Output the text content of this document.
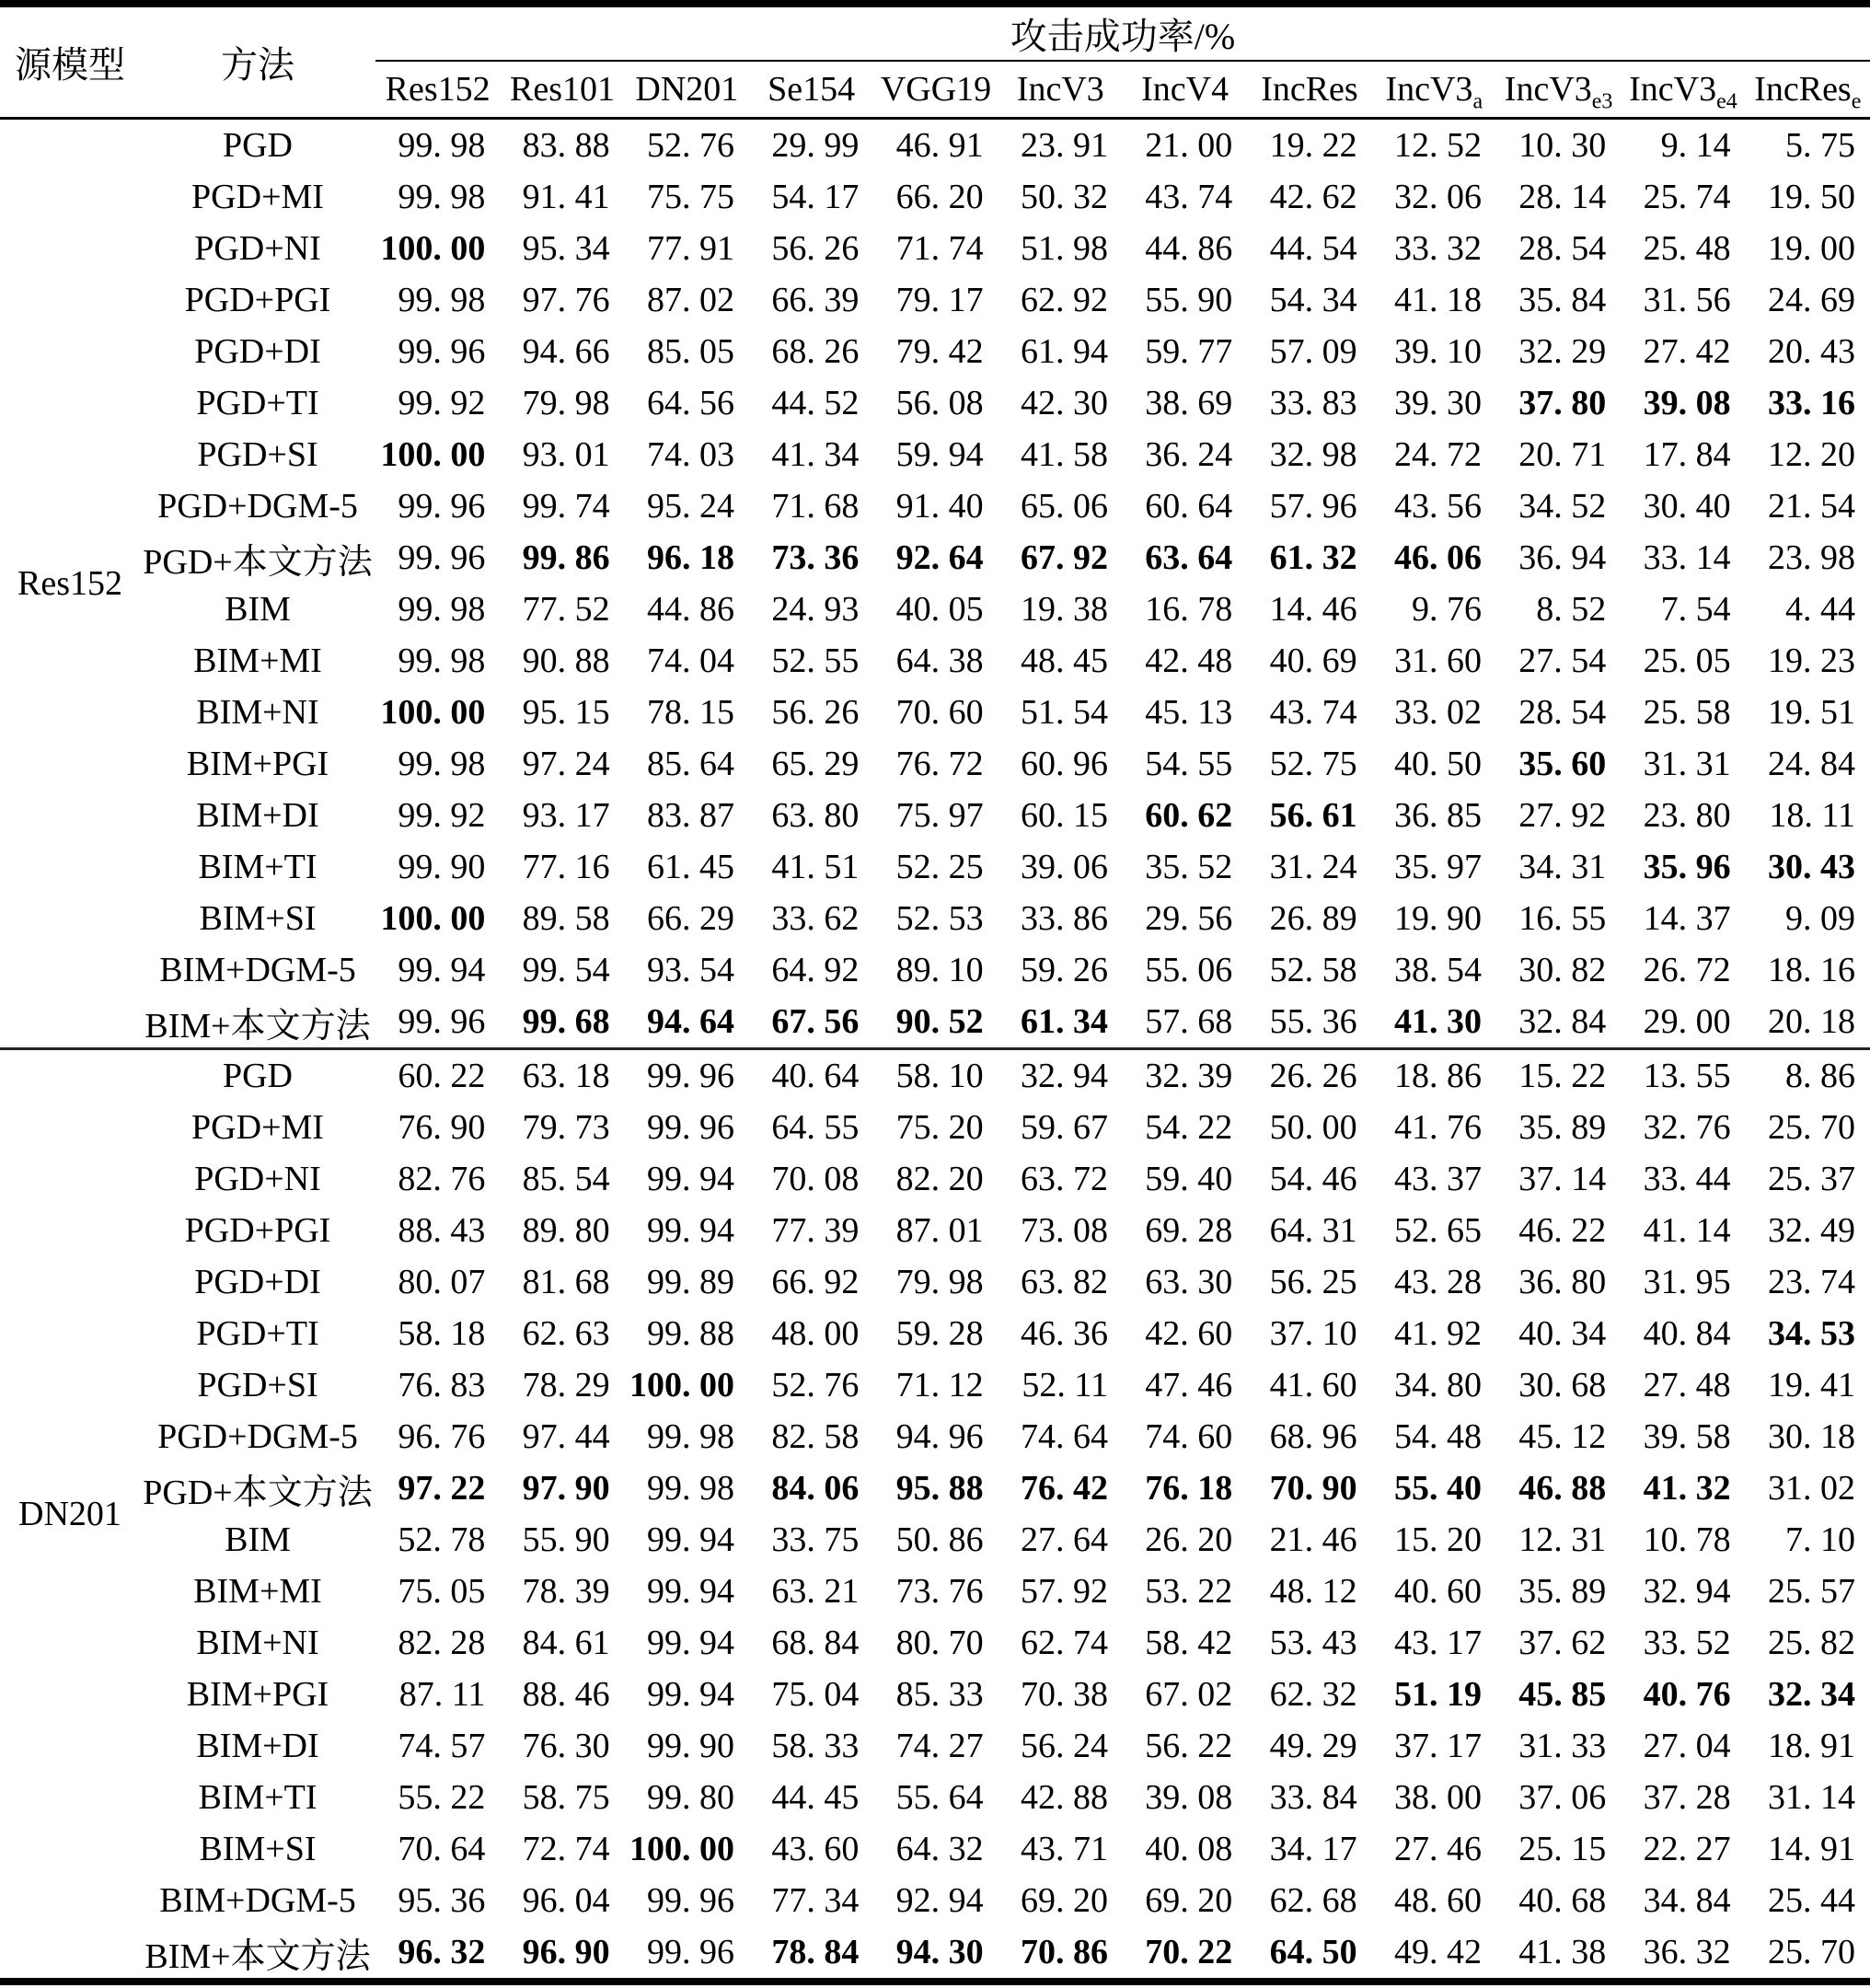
源模型	方法	攻击成功率/%											
		Res152	Res101	DN201	Se154	VGG19	IncV3	IncV4	IncRes	$IncV3_a$	$IncV3_{e3}$	$IncV3_{e4}$	IncRes$_e$
Res152	PGD	99. 98	83. 88	52. 76	29. 99	46. 91	23. 91	21. 00	19. 22	12. 52	10. 30	9. 14	5. 75
	PGD+MI	99. 98	91. 41	75. 75	54. 17	66. 20	50. 32	43. 74	42. 62	32. 06	28. 14	25. 74	19. 50
	PGD+NI	100. 00	95. 34	77. 91	56. 26	71. 74	51. 98	44. 86	44. 54	33. 32	28. 54	25. 48	19. 00
	PGD+PGI	99. 98	97. 76	87. 02	66. 39	79. 17	62. 92	55. 90	54. 34	41. 18	35. 84	31. 56	24. 69
	PGD+DI	99. 96	94. 66	85. 05	68. 26	79. 42	61. 94	59. 77	57. 09	39. 10	32. 29	27. 42	20. 43
	PGD+TI	99. 92	79. 98	64. 56	44. 52	56. 08	42. 30	38. 69	33. 83	39. 30	37. 80	39. 08	33. 16
	PGD+SI	100. 00	93. 01	74. 03	41. 34	59. 94	41. 58	36. 24	32. 98	24. 72	20. 71	17. 84	12. 20
	PGD+DGM-5	99. 96	99. 74	95. 24	71. 68	91. 40	65. 06	60. 64	57. 96	43. 56	34. 52	30. 40	21. 54
	PGD+本文方法	99. 96	99. 86	96. 18	73. 36	92. 64	67. 92	63. 64	61. 32	46. 06	36. 94	33. 14	23. 98
	BIM	99. 98	77. 52	44. 86	24. 93	40. 05	19. 38	16. 78	14. 46	9. 76	8. 52	7. 54	4. 44
	BIM+MI	99. 98	90. 88	74. 04	52. 55	64. 38	48. 45	42. 48	40. 69	31. 60	27. 54	25. 05	19. 23
	BIM+NI	100. 00	95. 15	78. 15	56. 26	70. 60	51. 54	45. 13	43. 74	33. 02	28. 54	25. 58	19. 51
	BIM+PGI	99. 98	97. 24	85. 64	65. 29	76. 72	60. 96	54. 55	52. 75	40. 50	35. 60	31. 31	24. 84
	BIM+DI	99. 92	93. 17	83. 87	63. 80	75. 97	60. 15	60. 62	56. 61	36. 85	27. 92	23. 80	18. 11
	BIM+TI	99. 90	77. 16	61. 45	41. 51	52. 25	39. 06	35. 52	31. 24	35. 97	34. 31	35. 96	30. 43
	BIM+SI	100. 00	89. 58	66. 29	33. 62	52. 53	33. 86	29. 56	26. 89	19. 90	16. 55	14. 37	9. 09
	BIM+DGM-5	99. 94	99. 54	93. 54	64. 92	89. 10	59. 26	55. 06	52. 58	38. 54	30. 82	26. 72	18. 16
	BIM+本文方法	99. 96	99. 68	94. 64	67. 56	90. 52	61. 34	57. 68	55. 36	41. 30	32. 84	29. 00	20. 18
DN201	PGD	60. 22	63. 18	99. 96	40. 64	58. 10	32. 94	32. 39	26. 26	18. 86	15. 22	13. 55	8. 86
	PGD+MI	76. 90	79. 73	99. 96	64. 55	75. 20	59. 67	54. 22	50. 00	41. 76	35. 89	32. 76	25. 70
	PGD+NI	82. 76	85. 54	99. 94	70. 08	82. 20	63. 72	59. 40	54. 46	43. 37	37. 14	33. 44	25. 37
	PGD+PGI	88. 43	89. 80	99. 94	77. 39	87. 01	73. 08	69. 28	64. 31	52. 65	46. 22	41. 14	32. 49
	PGD+DI	80. 07	81. 68	99. 89	66. 92	79. 98	63. 82	63. 30	56. 25	43. 28	36. 80	31. 95	23. 74
	PGD+TI	58. 18	62. 63	99. 88	48. 00	59. 28	46. 36	42. 60	37. 10	41. 92	40. 34	40. 84	34. 53
	PGD+SI	76. 83	78. 29	100. 00	52. 76	71. 12	52. 11	47. 46	41. 60	34. 80	30. 68	27. 48	19. 41
	PGD+DGM-5	96. 76	97. 44	99. 98	82. 58	94. 96	74. 64	74. 60	68. 96	54. 48	45. 12	39. 58	30. 18
	PGD+本文方法	97. 22	97. 90	99. 98	84. 06	95. 88	76. 42	76. 18	70. 90	55. 40	46. 88	41. 32	31. 02
	BIM	52. 78	55. 90	99. 94	33. 75	50. 86	27. 64	26. 20	21. 46	15. 20	12. 31	10. 78	7. 10
	BIM+MI	75. 05	78. 39	99. 94	63. 21	73. 76	57. 92	53. 22	48. 12	40. 60	35. 89	32. 94	25. 57
	BIM+NI	82. 28	84. 61	99. 94	68. 84	80. 70	62. 74	58. 42	53. 43	43. 17	37. 62	33. 52	25. 82
	BIM+PGI	87. 11	88. 46	99. 94	75. 04	85. 33	70. 38	67. 02	62. 32	51. 19	45. 85	40. 76	32. 34
	BIM+DI	74. 57	76. 30	99. 90	58. 33	74. 27	56. 24	56. 22	49. 29	37. 17	31. 33	27. 04	18. 91
	BIM+TI	55. 22	58. 75	99. 80	44. 45	55. 64	42. 88	39. 08	33. 84	38. 00	37. 06	37. 28	31. 14
	BIM+SI	70. 64	72. 74	100. 00	43. 60	64. 32	43. 71	40. 08	34. 17	27. 46	25. 15	22. 27	14. 91
	BIM+DGM-5	95. 36	96. 04	99. 96	77. 34	92. 94	69. 20	69. 20	62. 68	48. 60	40. 68	34. 84	25. 44
	BIM+本文方法	96. 32	96. 90	99. 96	78. 84	94. 30	70. 86	70. 22	64. 50	49. 42	41. 38	36. 32	25. 70
